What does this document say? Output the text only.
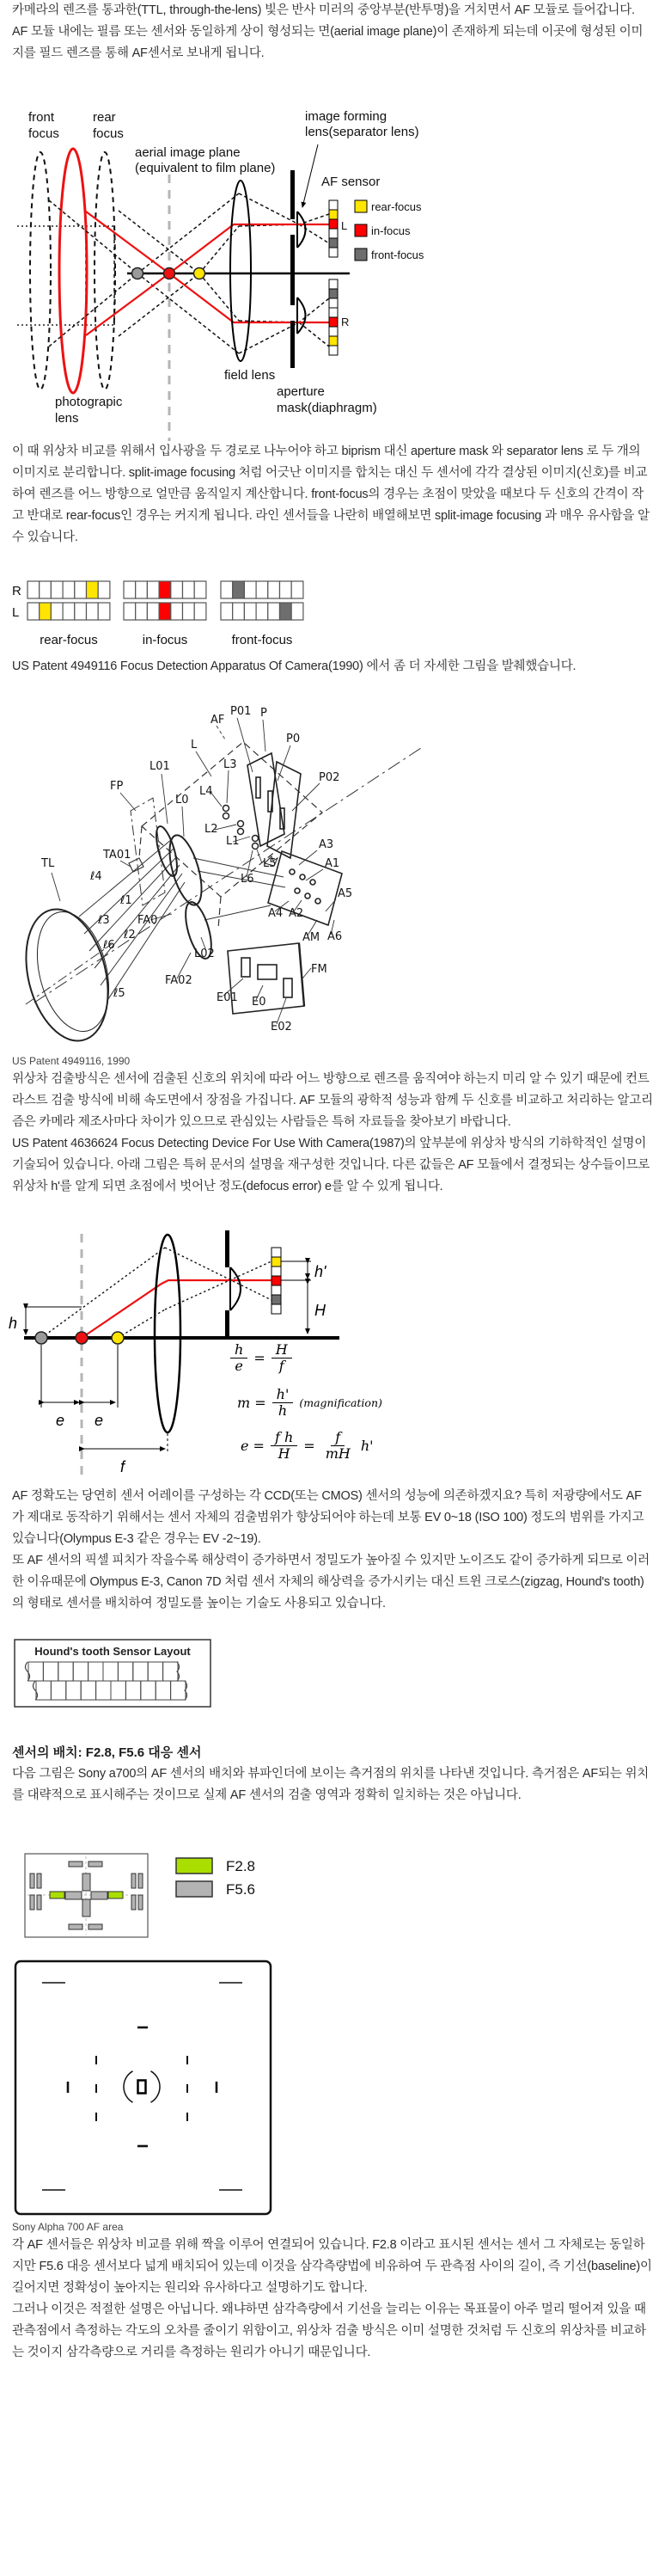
카메라의 렌즈를 통과한(TTL, through-the-lens) 빛은 반사 미러의 중앙부분(반투명)을 거치면서 AF 모듈로 들어갑니다. AF 모듈 내에는 필름 또는 센서와 동일하게 상이 형성되는 면(aerial image plane)이 존재하게 되는데 이곳에 형성된 이미지를 필드 렌즈를 통해 AF센서로 보내게 됩니다.

front
focus
rear
focus
aerial image plane
(equivalent to film plane)
image forming
lens(separator lens)
AF sensor
rear-focus
in-focus
front-focus
L
R
field lens
aperture
mask(diaphragm)
photograpic
lens

이 때 위상차 비교를 위해서 입사광을 두 경로로 나누어야 하고 biprism 대신 aperture mask 와 separator lens 로 두 개의 이미지로 분리합니다. split-image focusing 처럼 어긋난 이미지를 합치는 대신 두 센서에 각각 결상된 이미지(신호)를 비교하여 렌즈를 어느 방향으로 얼만큼 움직일지 계산합니다. front-focus의 경우는 초점이 맞았을 때보다 두 신호의 간격이 작고 반대로 rear-focus인 경우는 커지게 됩니다. 라인 센서들을 나란히 배열해보면 split-image focusing 과 매우 유사함을 알 수 있습니다.

R
L
rear-focus	in-focus	front-focus

US Patent 4949116 Focus Detection Apparatus Of Camera(1990) 에서 좀 더 자세한 그림을 발췌했습니다.

AF
P01 P
P0
P02
L
L3
L4
L01
FP
L0
L2
L1
TA01
TL
ℓ4
ℓ1
L5
L6
A3
A1
A5
ℓ3 FA0
ℓ2
ℓ6
L02
FA02
ℓ5	E01 E0
E02
FM
AM A6
A4 A2
US Patent 4949116, 1990

위상차 검출방식은 센서에 검출된 신호의 위치에 따라 어느 방향으로 렌즈를 움직여야 하는지 미리 알 수 있기 때문에 컨트라스트 검출 방식에 비해 속도면에서 장점을 가집니다. AF 모듈의 광학적 성능과 함께 두 신호를 비교하고 처리하는 알고리즘은 카메라 제조사마다 차이가 있으므로 관심있는 사람들은 특허 자료들을 찾아보기 바랍니다.

US Patent 4636624 Focus Detecting Device For Use With Camera(1987)의 앞부분에 위상차 방식의 기하학적인 설명이 기술되어 있습니다. 아래 그림은 특허 문서의 설명을 재구성한 것입니다. 다른 값들은 AF 모듈에서 결정되는 상수들이므로 위상차 h'를 알게 되면 초점에서 벗어난 정도(defocus error) e를 알 수 있게 됩니다.

h
h'
H
e e
f
$\frac{h}{e} = \frac{H}{f}$
$m = \frac{h'}{h}$ (magnification)
$e = \frac{\text{f h}}{H} = \frac{f}{mH} h'$

AF 정확도는 당연히 센서 어레이를 구성하는 각 CCD(또는 CMOS) 센서의 성능에 의존하겠지요? 특히 저광량에서도 AF가 제대로 동작하기 위해서는 센서 자체의 검출범위가 향상되어야 하는데 보통 EV 0~18 (ISO 100) 정도의 범위를 가지고 있습니다(Olympus E-3 같은 경우는 EV -2~19).

또 AF 센서의 픽셀 피치가 작을수록 해상력이 증가하면서 정밀도가 높아질 수 있지만 노이즈도 같이 증가하게 되므로 이러한 이유때문에 Olympus E-3, Canon 7D 처럼 센서 자체의 해상력을 증가시키는 대신 트윈 크로스(zigzag, Hound's tooth)의 형태로 센서를 배치하여 정밀도를 높이는 기술도 사용되고 있습니다.

Hound's tooth Sensor Layout
센서의 배치: F2.8, F5.6 대응 센서

다음 그림은 Sony a700의 AF 센서의 배치와 뷰파인더에 보이는 측거점의 위치를 나타낸 것입니다. 측거점은 AF되는 위치를 대략적으로 표시해주는 것이므로 실제 AF 센서의 검출 영역과 정확히 일치하는 것은 아닙니다.

F2.8
F5.6
Sony Alpha 700 AF area

각 AF 센서들은 위상차 비교를 위해 짝을 이루어 연결되어 있습니다. F2.8 이라고 표시된 센서는 센서 그 자체로는 동일하지만 F5.6 대응 센서보다 넓게 배치되어 있는데 이것을 삼각측량법에 비유하여 두 관측점 사이의 길이, 즉 기선(baseline)이 길어지면 정확성이 높아지는 원리와 유사하다고 설명하기도 합니다.

그러나 이것은 적절한 설명은 아닙니다. 왜냐하면 삼각측량에서 기선을 늘리는 이유는 목표물이 아주 멀리 떨어져 있을 때 관측점에서 측정하는 각도의 오차를 줄이기 위함이고, 위상차 검출 방식은 이미 설명한 것처럼 두 신호의 위상차를 비교하는 것이지 삼각측량으로 거리를 측정하는 원리가 아니기 때문입니다.
